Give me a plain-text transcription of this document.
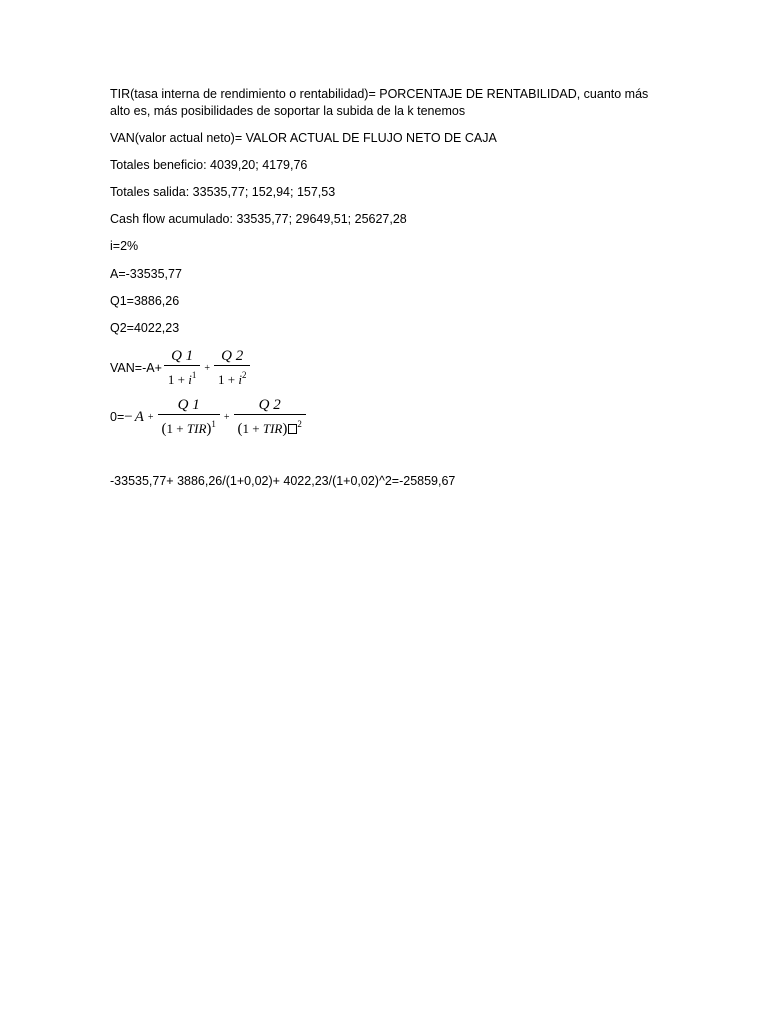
TIR(tasa interna de rendimiento o rentabilidad)= PORCENTAJE DE RENTABILIDAD, cuanto más alto es, más posibilidades de soportar la subida de la k tenemos

VAN(valor actual neto)= VALOR ACTUAL DE FLUJO NETO DE CAJA
Totales beneficio: 4039,20; 4179,76
Totales salida: 33535,77; 152,94; 157,53
Cash flow acumulado: 33535,77; 29649,51; 25627,28
i=2%
A=-33535,77
Q1=3886,26
Q2=4022,23
$VAN=-A+ \frac{Q 1}{1 + i^1} + \frac{Q 2}{1 + i^2}$
$0= - A + \frac{Q 1}{(1 + TIR)^1} + \frac{Q 2}{(1 + TIR) ^2}$
-33535,77+ 3886,26/(1+0,02)+ 4022,23/(1+0,02)^2=-25859,67
